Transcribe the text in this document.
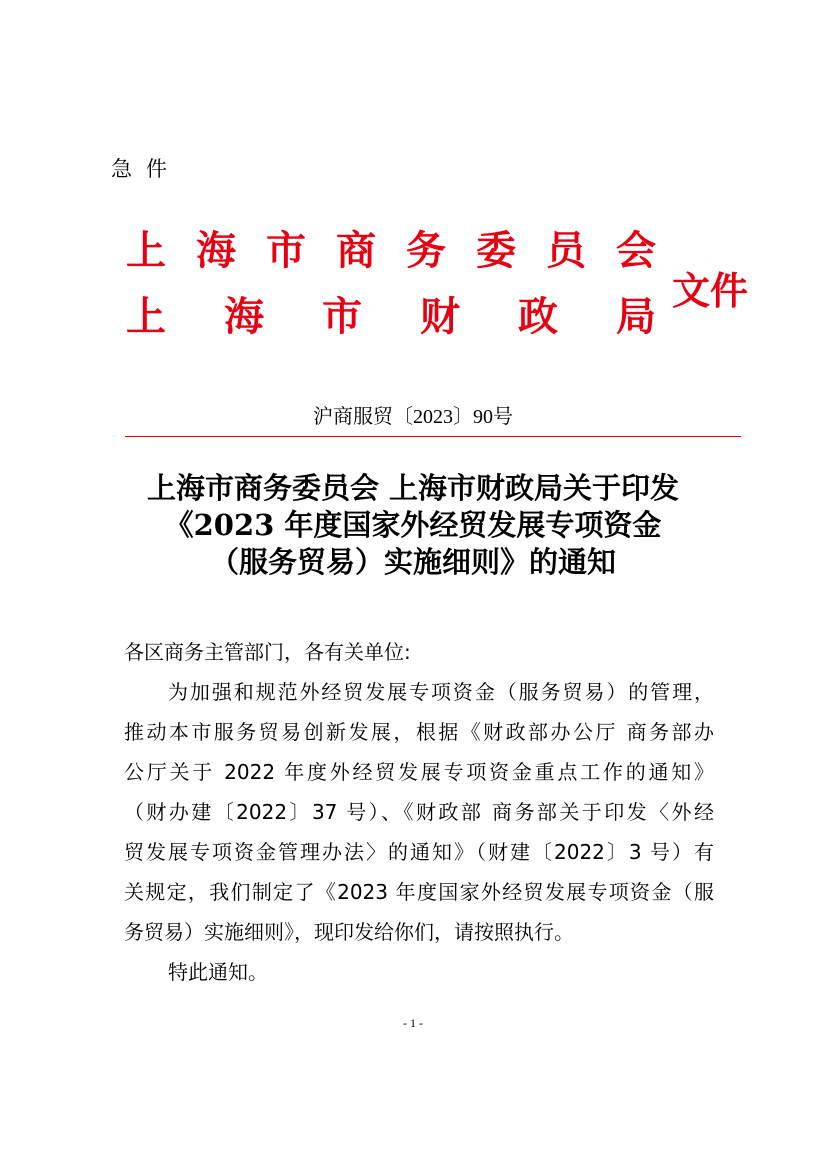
急件
上 海 市 商 务 委 员 会
上 海 市 财 政 局
文件
沪商服贸〔2023〕90号
上海市商务委员会 上海市财政局关于印发
《2023 年度国家外经贸发展专项资金
（服务贸易）实施细则》的通知
各区商务主管部门，各有关单位:
为加强和规范外经贸发展专项资金（服务贸易）的管理，
推动本市服务贸易创新发展，根据《财政部办公厅 商务部办
公厅关于 2022 年度外经贸发展专项资金重点工作的通知》
（财办建〔2022〕37 号）、《财政部 商务部关于印发〈外经
贸发展专项资金管理办法〉的通知》（财建〔2022〕3 号）有
关规定，我们制定了《2023 年度国家外经贸发展专项资金（服
务贸易）实施细则》，现印发给你们，请按照执行。
特此通知。
- 1 -
